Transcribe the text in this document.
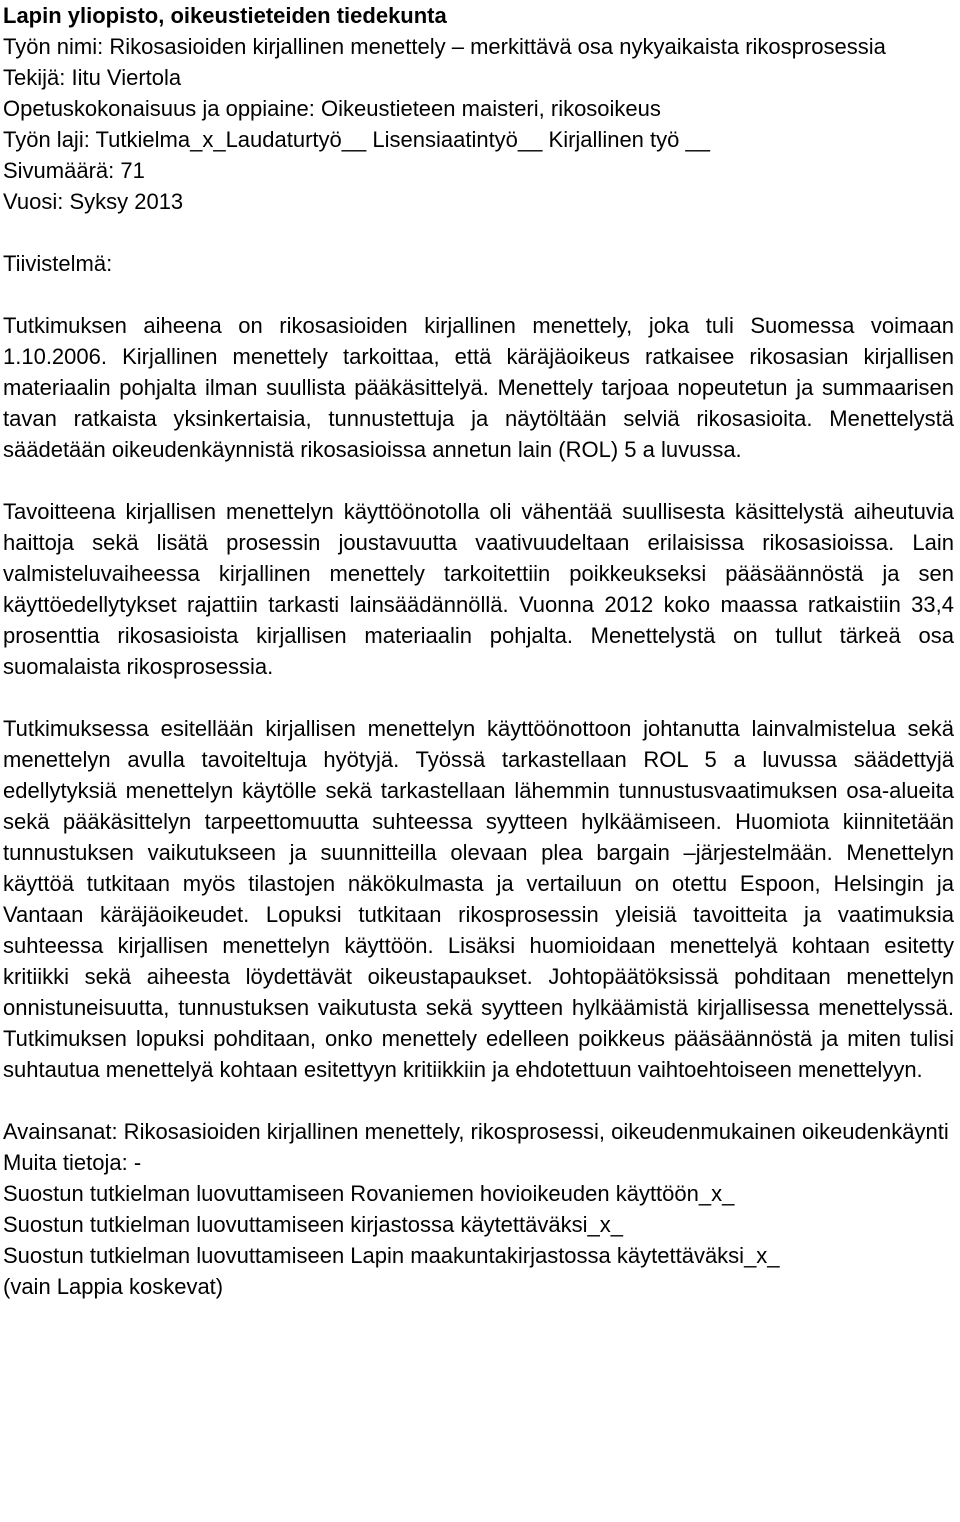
Lapin yliopisto, oikeustieteiden tiedekunta

Työn nimi: Rikosasioiden kirjallinen menettely – merkittävä osa nykyaikaista rikosprosessia

Tekijä: Iitu Viertola

Opetuskokonaisuus ja oppiaine: Oikeustieteen maisteri, rikosoikeus

Työn laji: Tutkielma_x_Laudaturtyö__ Lisensiaatintyö__ Kirjallinen työ __

Sivumäärä: 71

Vuosi: Syksy 2013

Tiivistelmä:

Tutkimuksen aiheena on rikosasioiden kirjallinen menettely, joka tuli Suomessa voimaan 1.10.2006. Kirjallinen menettely tarkoittaa, että käräjäoikeus ratkaisee rikosasian kirjallisen materiaalin pohjalta ilman suullista pääkäsittelyä. Menettely tarjoaa nopeutetun ja summaarisen tavan ratkaista yksinkertaisia, tunnustettuja ja näytöltään selviä rikosasioita. Menettelystä säädetään oikeudenkäynnistä rikosasioissa annetun lain (ROL) 5 a luvussa.

Tavoitteena kirjallisen menettelyn käyttöönotolla oli vähentää suullisesta käsittelystä aiheutuvia haittoja sekä lisätä prosessin joustavuutta vaativuudeltaan erilaisissa rikosasioissa. Lain valmisteluvaiheessa kirjallinen menettely tarkoitettiin poikkeukseksi pääsäännöstä ja sen käyttöedellytykset rajattiin tarkasti lainsäädännöllä. Vuonna 2012 koko maassa ratkaistiin 33,4 prosenttia rikosasioista kirjallisen materiaalin pohjalta. Menettelystä on tullut tärkeä osa suomalaista rikosprosessia.

Tutkimuksessa esitellään kirjallisen menettelyn käyttöönottoon johtanutta lainvalmistelua sekä menettelyn avulla tavoiteltuja hyötyjä. Työssä tarkastellaan ROL 5 a luvussa säädettyjä edellytyksiä menettelyn käytölle sekä tarkastellaan lähemmin tunnustusvaatimuksen osa-alueita sekä pääkäsittelyn tarpeettomuutta suhteessa syytteen hylkäämiseen. Huomiota kiinnitetään tunnustuksen vaikutukseen ja suunnitteilla olevaan plea bargain –järjestelmään. Menettelyn käyttöä tutkitaan myös tilastojen näkökulmasta ja vertailuun on otettu Espoon, Helsingin ja Vantaan käräjäoikeudet. Lopuksi tutkitaan rikosprosessin yleisiä tavoitteita ja vaatimuksia suhteessa kirjallisen menettelyn käyttöön. Lisäksi huomioidaan menettelyä kohtaan esitetty kritiikki sekä aiheesta löydettävät oikeustapaukset. Johtopäätöksissä pohditaan menettelyn onnistuneisuutta, tunnustuksen vaikutusta sekä syytteen hylkäämistä kirjallisessa menettelyssä. Tutkimuksen lopuksi pohditaan, onko menettely edelleen poikkeus pääsäännöstä ja miten tulisi suhtautua menettelyä kohtaan esitettyyn kritiikkiin ja ehdotettuun vaihtoehtoiseen menettelyyn.

Avainsanat: Rikosasioiden kirjallinen menettely, rikosprosessi, oikeudenmukainen oikeudenkäynti

Muita tietoja: -

Suostun tutkielman luovuttamiseen Rovaniemen hovioikeuden käyttöön_x_

Suostun tutkielman luovuttamiseen kirjastossa käytettäväksi_x_

Suostun tutkielman luovuttamiseen Lapin maakuntakirjastossa käytettäväksi_x_

(vain Lappia koskevat)
